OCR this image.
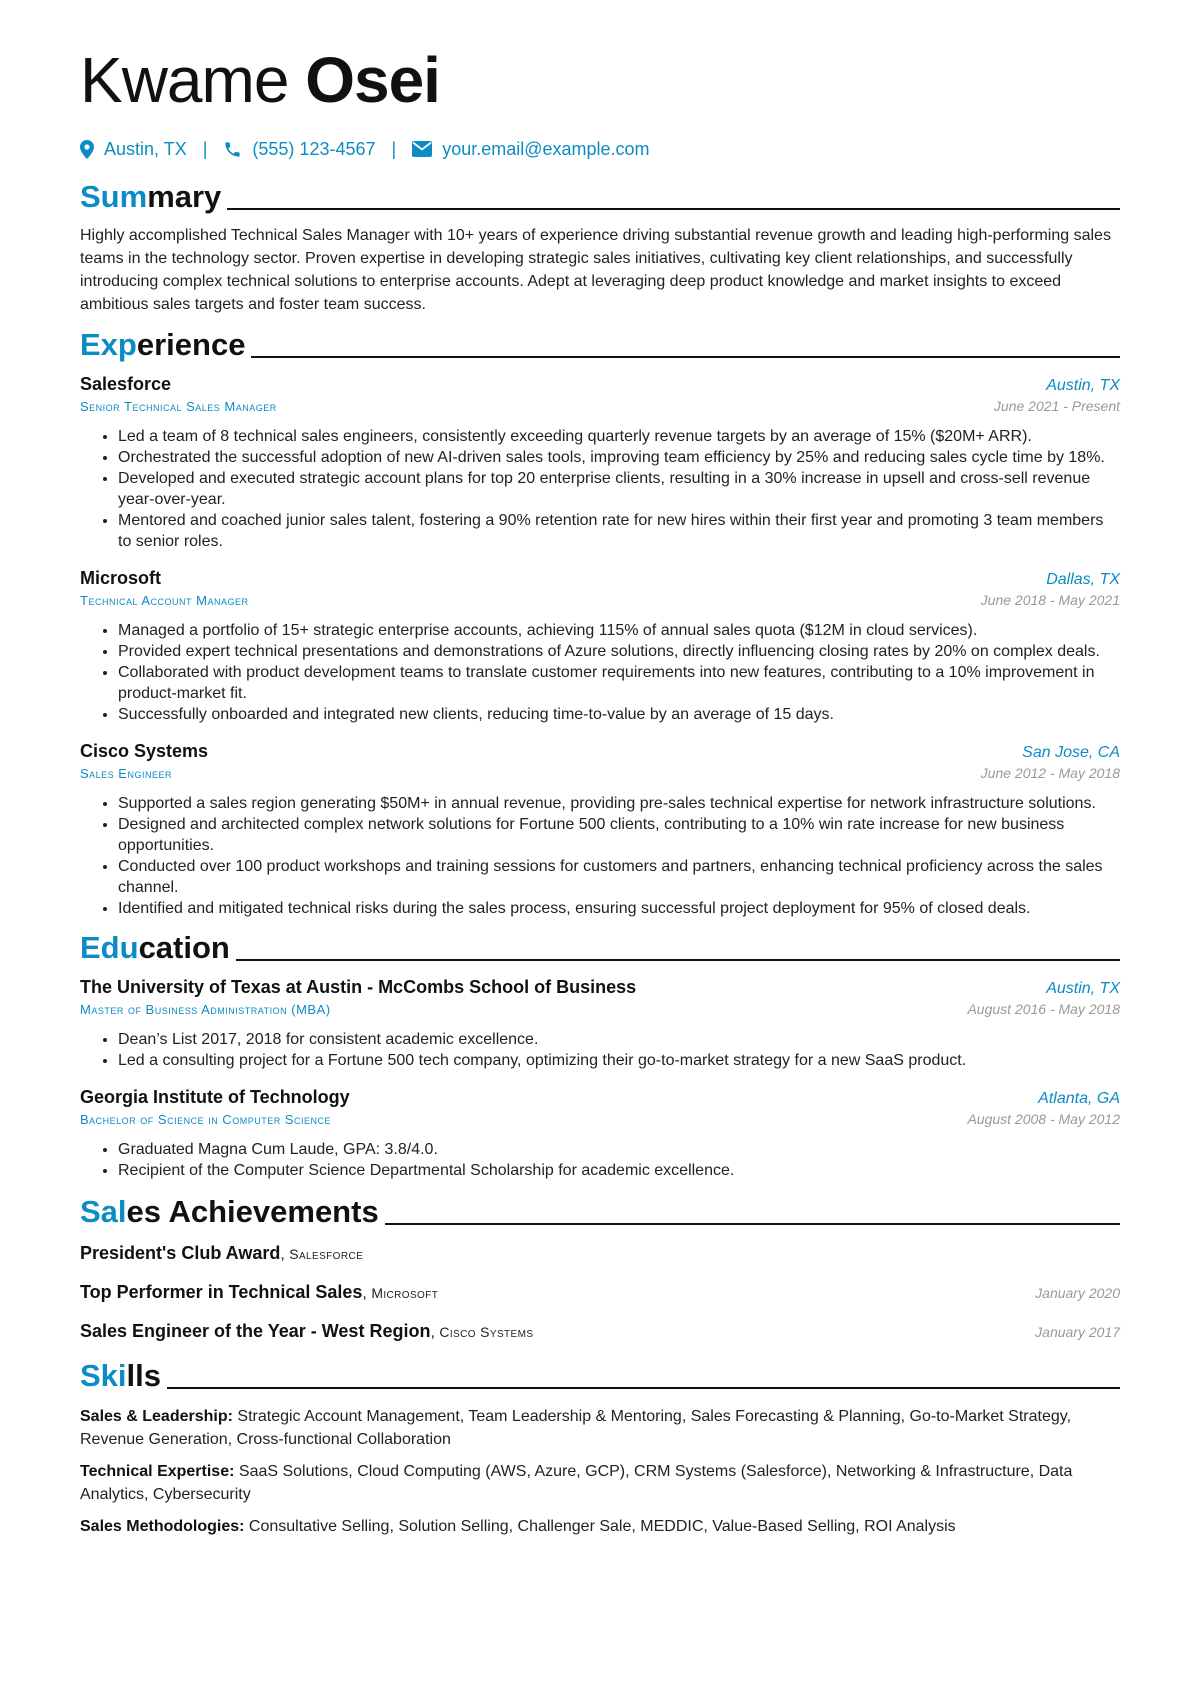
Kwame Osei
Austin, TX |	(555) 123-4567 |	your.email@example.com
Summary
Highly accomplished Technical Sales Manager with 10+ years of experience driving substantial revenue growth and leading high-performing sales teams in the technology sector. Proven expertise in developing strategic sales initiatives, cultivating key client relationships, and successfully introducing complex technical solutions to enterprise accounts. Adept at leveraging deep product knowledge and market insights to exceed ambitious sales targets and foster team success.
Experience
Salesforce	Austin, TX
Senior Technical Sales Manager	June 2021 - Present
• Led a team of 8 technical sales engineers, consistently exceeding quarterly revenue targets by an average of 15% ($20M+ ARR).
• Orchestrated the successful adoption of new AI-driven sales tools, improving team efficiency by 25% and reducing sales cycle time by 18%.
• Developed and executed strategic account plans for top 20 enterprise clients, resulting in a 30% increase in upsell and cross-sell revenue year-over-year.
• Mentored and coached junior sales talent, fostering a 90% retention rate for new hires within their first year and promoting 3 team members to senior roles.
Microsoft	Dallas, TX
Technical Account Manager	June 2018 - May 2021
• Managed a portfolio of 15+ strategic enterprise accounts, achieving 115% of annual sales quota ($12M in cloud services).
• Provided expert technical presentations and demonstrations of Azure solutions, directly influencing closing rates by 20% on complex deals.
• Collaborated with product development teams to translate customer requirements into new features, contributing to a 10% improvement in product-market fit.
• Successfully onboarded and integrated new clients, reducing time-to-value by an average of 15 days.
Cisco Systems	San Jose, CA
Sales Engineer	June 2012 - May 2018
• Supported a sales region generating $50M+ in annual revenue, providing pre-sales technical expertise for network infrastructure solutions.
• Designed and architected complex network solutions for Fortune 500 clients, contributing to a 10% win rate increase for new business opportunities.
• Conducted over 100 product workshops and training sessions for customers and partners, enhancing technical proficiency across the sales channel.
• Identified and mitigated technical risks during the sales process, ensuring successful project deployment for 95% of closed deals.
Education
The University of Texas at Austin - McCombs School of Business	Austin, TX
Master of Business Administration (MBA)	August 2016 - May 2018
• Dean’s List 2017, 2018 for consistent academic excellence.
• Led a consulting project for a Fortune 500 tech company, optimizing their go-to-market strategy for a new SaaS product.
Georgia Institute of Technology	Atlanta, GA
Bachelor of Science in Computer Science	August 2008 - May 2012
• Graduated Magna Cum Laude, GPA: 3.8/4.0.
• Recipient of the Computer Science Departmental Scholarship for academic excellence.
Sales Achievements
President's Club Award, Salesforce
Top Performer in Technical Sales, Microsoft	January 2020
Sales Engineer of the Year - West Region, Cisco Systems	January 2017
Skills
Sales & Leadership: Strategic Account Management, Team Leadership & Mentoring, Sales Forecasting & Planning, Go-to-Market Strategy, Revenue Generation, Cross-functional Collaboration
Technical Expertise: SaaS Solutions, Cloud Computing (AWS, Azure, GCP), CRM Systems (Salesforce), Networking & Infrastructure, Data Analytics, Cybersecurity
Sales Methodologies: Consultative Selling, Solution Selling, Challenger Sale, MEDDIC, Value-Based Selling, ROI Analysis
